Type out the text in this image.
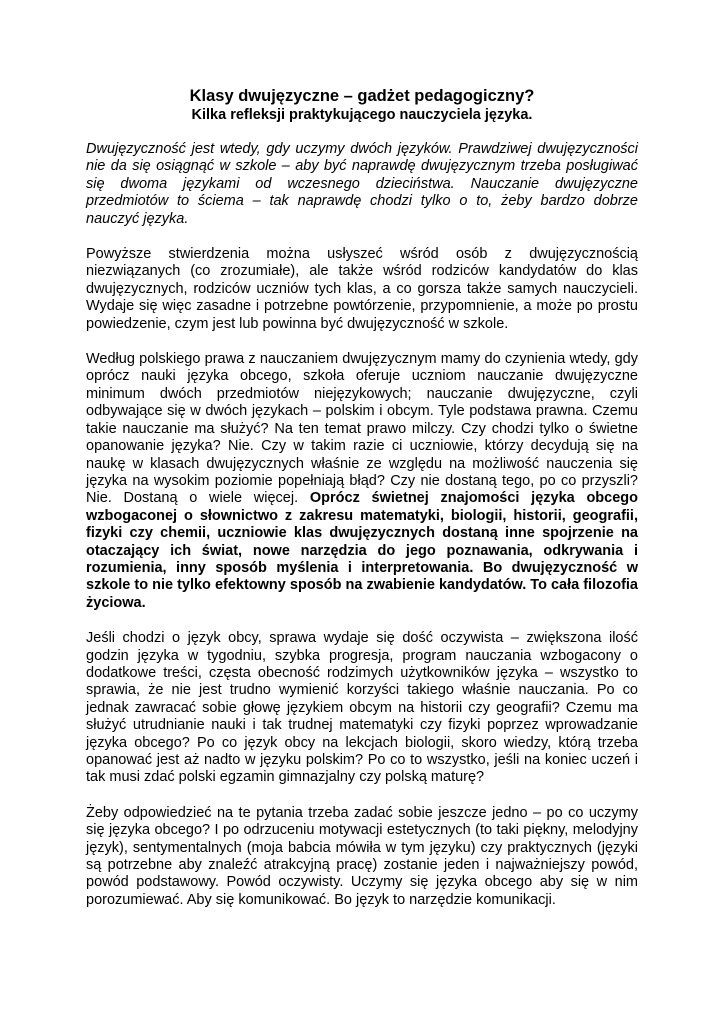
Klasy dwujęzyczne – gadżet pedagogiczny?
Kilka refleksji praktykującego nauczyciela języka.

Dwujęzyczność jest wtedy, gdy uczymy dwóch języków. Prawdziwej dwujęzyczności nie da się osiągnąć w szkole – aby być naprawdę dwujęzycznym trzeba posługiwać się dwoma językami od wczesnego dzieciństwa. Nauczanie dwujęzyczne przedmiotów to ściema – tak naprawdę chodzi tylko o to, żeby bardzo dobrze nauczyć języka.

Powyższe stwierdzenia można usłyszeć wśród osób z dwujęzycznością niezwiązanych (co zrozumiałe), ale także wśród rodziców kandydatów do klas dwujęzycznych, rodziców uczniów tych klas, a co gorsza także samych nauczycieli. Wydaje się więc zasadne i potrzebne powtórzenie, przypomnienie, a może po prostu powiedzenie, czym jest lub powinna być dwujęzyczność w szkole.

Według polskiego prawa z nauczaniem dwujęzycznym mamy do czynienia wtedy, gdy oprócz nauki języka obcego, szkoła oferuje uczniom nauczanie dwujęzyczne minimum dwóch przedmiotów niejęzykowych; nauczanie dwujęzyczne, czyli odbywające się w dwóch językach – polskim i obcym. Tyle podstawa prawna. Czemu takie nauczanie ma służyć? Na ten temat prawo milczy. Czy chodzi tylko o świetne opanowanie języka? Nie. Czy w takim razie ci uczniowie, którzy decydują się na naukę w klasach dwujęzycznych właśnie ze względu na możliwość nauczenia się języka na wysokim poziomie popełniają błąd? Czy nie dostaną tego, po co przyszli? Nie. Dostaną o wiele więcej. Oprócz świetnej znajomości języka obcego wzbogaconej o słownictwo z zakresu matematyki, biologii, historii, geografii, fizyki czy chemii, uczniowie klas dwujęzycznych dostaną inne spojrzenie na otaczający ich świat, nowe narzędzia do jego poznawania, odkrywania i rozumienia, inny sposób myślenia i interpretowania. Bo dwujęzyczność w szkole to nie tylko efektowny sposób na zwabienie kandydatów. To cała filozofia życiowa.

Jeśli chodzi o język obcy, sprawa wydaje się dość oczywista – zwiększona ilość godzin języka w tygodniu, szybka progresja, program nauczania wzbogacony o dodatkowe treści, częsta obecność rodzimych użytkowników języka – wszystko to sprawia, że nie jest trudno wymienić korzyści takiego właśnie nauczania. Po co jednak zawracać sobie głowę językiem obcym na historii czy geografii? Czemu ma służyć utrudnianie nauki i tak trudnej matematyki czy fizyki poprzez wprowadzanie języka obcego? Po co język obcy na lekcjach biologii, skoro wiedzy, którą trzeba opanować jest aż nadto w języku polskim? Po co to wszystko, jeśli na koniec uczeń i tak musi zdać polski egzamin gimnazjalny czy polską maturę?

Żeby odpowiedzieć na te pytania trzeba zadać sobie jeszcze jedno – po co uczymy się języka obcego? I po odrzuceniu motywacji estetycznych (to taki piękny, melodyjny język), sentymentalnych (moja babcia mówiła w tym języku) czy praktycznych (języki są potrzebne aby znaleźć atrakcyjną pracę) zostanie jeden i najważniejszy powód, powód podstawowy. Powód oczywisty. Uczymy się języka obcego aby się w nim porozumiewać. Aby się komunikować. Bo język to narzędzie komunikacji.
